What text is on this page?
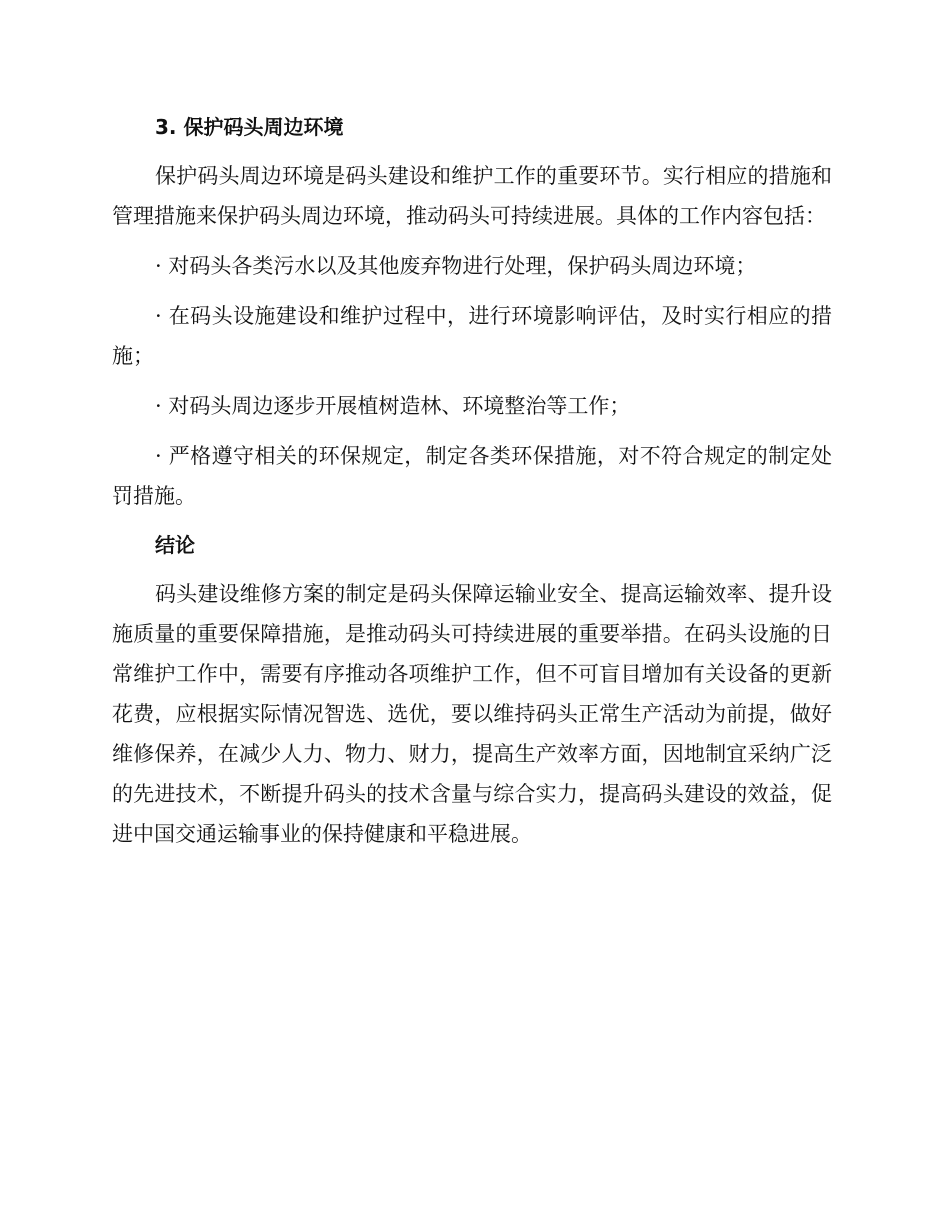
3. 保护码头周边环境

保护码头周边环境是码头建设和维护工作的重要环节。实行相应的措施和管理措施来保护码头周边环境，推动码头可持续进展。具体的工作内容包括：

· 对码头各类污水以及其他废弃物进行处理，保护码头周边环境；

· 在码头设施建设和维护过程中，进行环境影响评估，及时实行相应的措施；

· 对码头周边逐步开展植树造林、环境整治等工作；

· 严格遵守相关的环保规定，制定各类环保措施，对不符合规定的制定处罚措施。

结论

码头建设维修方案的制定是码头保障运输业安全、提高运输效率、提升设施质量的重要保障措施，是推动码头可持续进展的重要举措。在码头设施的日常维护工作中，需要有序推动各项维护工作，但不可盲目增加有关设备的更新花费，应根据实际情况智选、选优，要以维持码头正常生产活动为前提，做好维修保养，在减少人力、物力、财力，提高生产效率方面，因地制宜采纳广泛的先进技术，不断提升码头的技术含量与综合实力，提高码头建设的效益，促进中国交通运输事业的保持健康和平稳进展。
